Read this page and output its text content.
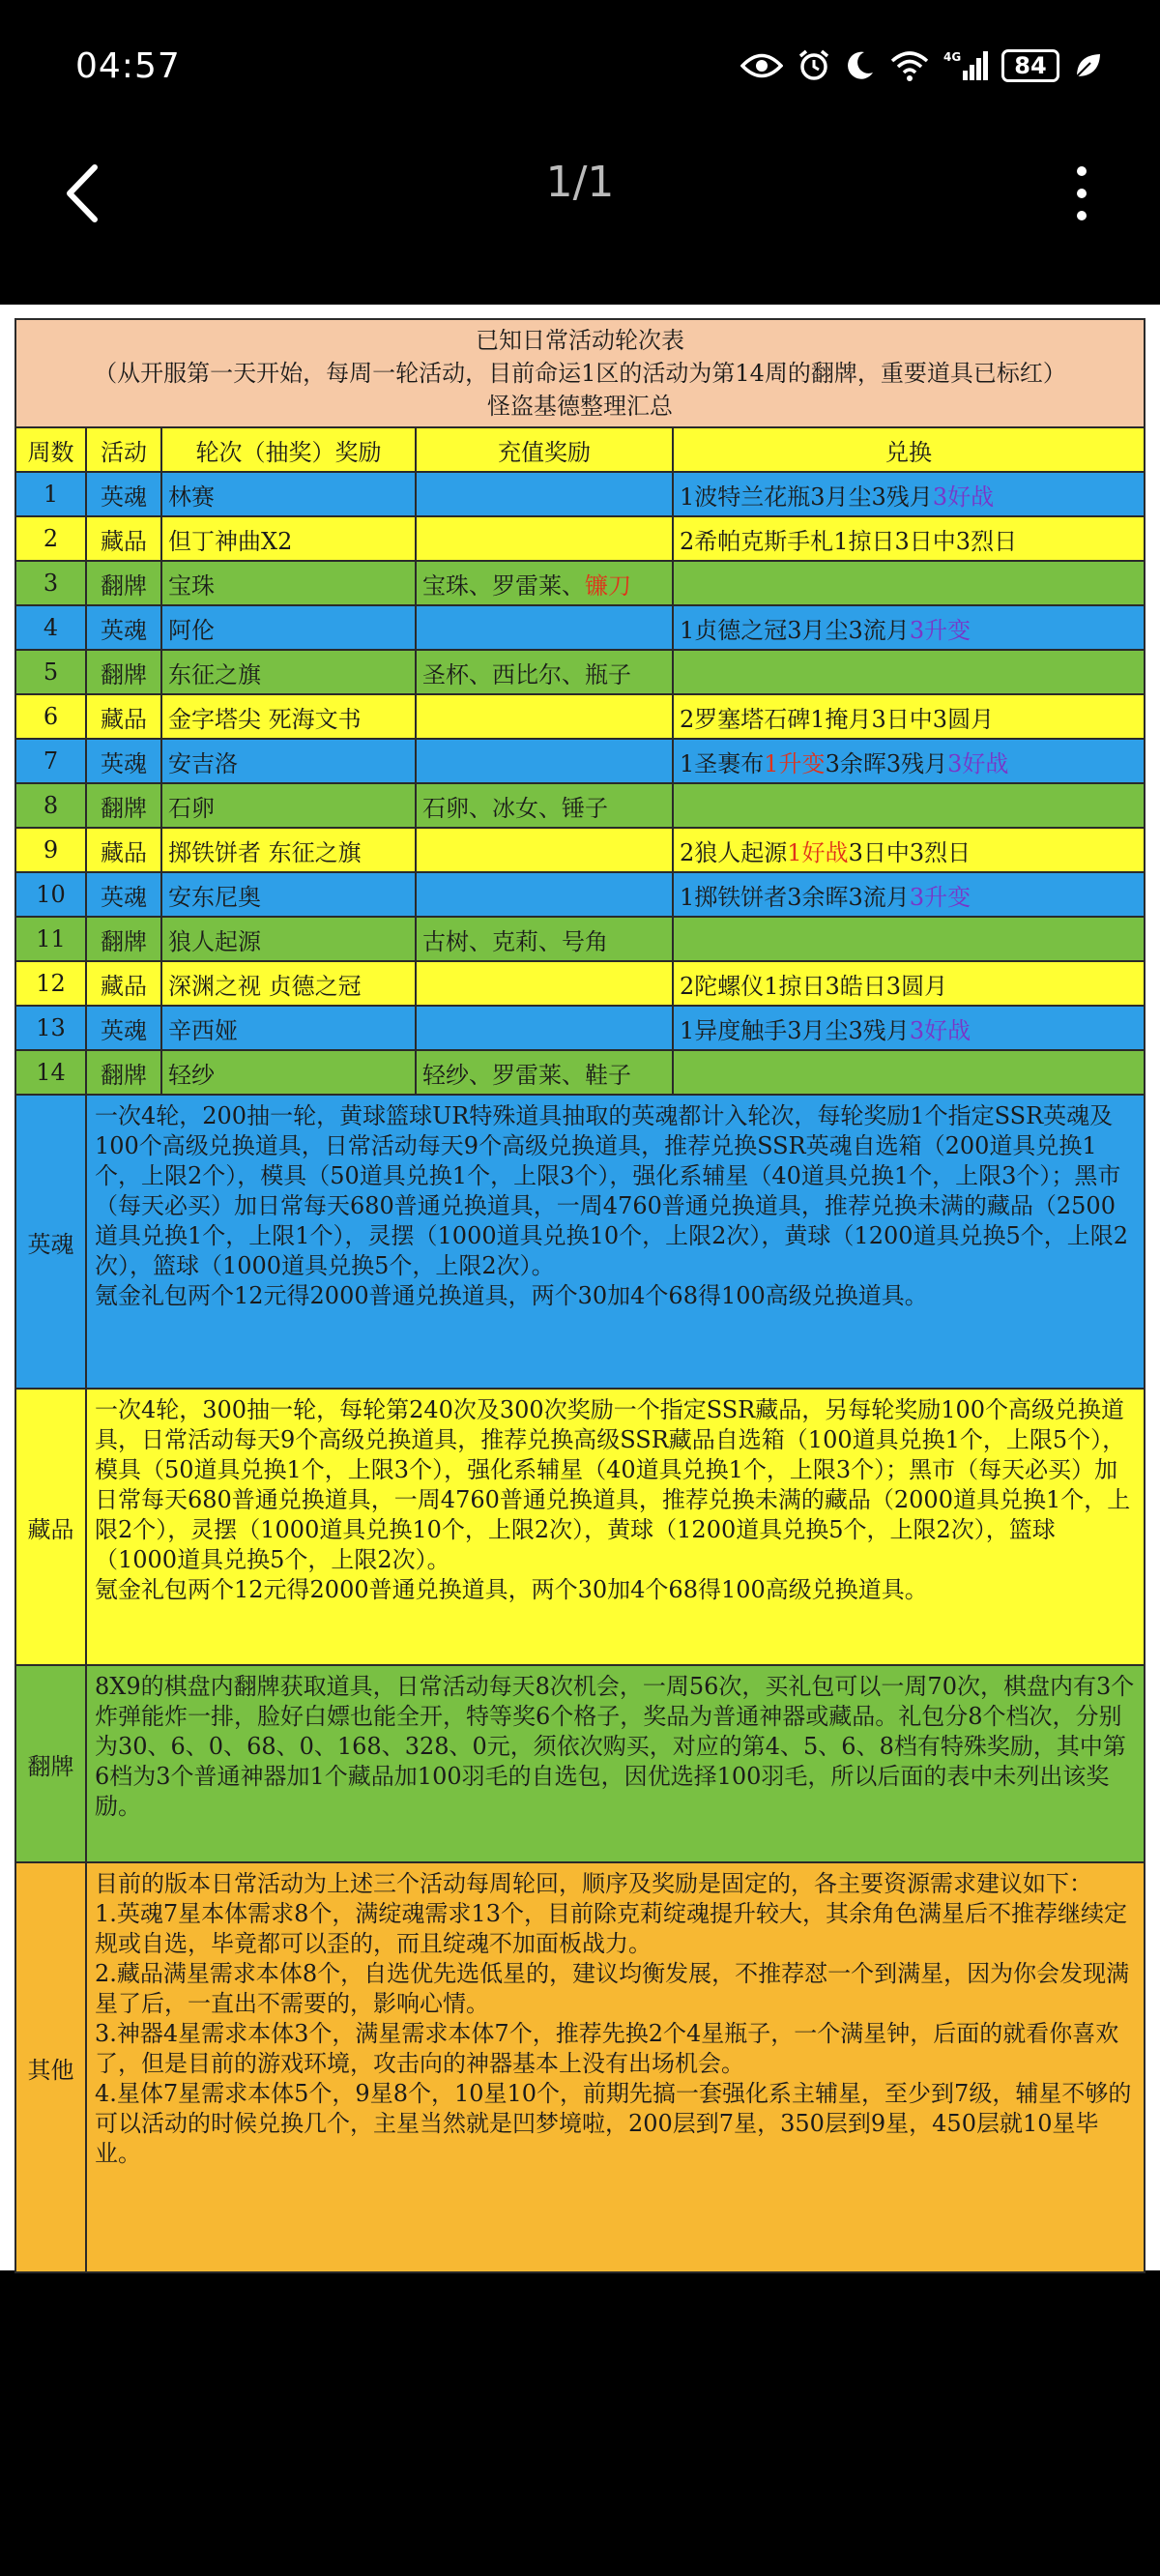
04:57	4G	84
1/1
已知日常活动轮次表
（从开服第一天开始，每周一轮活动，目前命运1区的活动为第14周的翻牌，重要道具已标红）
怪盗基德整理汇总				

周数	活动	轮次（抽奖）奖励	充值奖励	兑换
1	英魂	林赛		1波特兰花瓶3月尘3残月3好战
2	藏品	但丁神曲X2		2希帕克斯手札1掠日3日中3烈日
3	翻牌	宝珠	宝珠、罗雷莱、镰刀	
4	英魂	阿伦		1贞德之冠3月尘3流月3升变
5	翻牌	东征之旗	圣杯、西比尔、瓶子	
6	藏品	金字塔尖 死海文书		2罗塞塔石碑1掩月3日中3圆月
7	英魂	安吉洛		1圣裹布1升变3余晖3残月3好战
8	翻牌	石卵	石卵、冰女、锤子	
9	藏品	掷铁饼者 东征之旗		2狼人起源1好战3日中3烈日
10	英魂	安东尼奥		1掷铁饼者3余晖3流月3升变
11	翻牌	狼人起源	古树、克莉、号角	
12	藏品	深渊之视 贞德之冠		2陀螺仪1掠日3皓日3圆月
13	英魂	辛西娅		1异度触手3月尘3残月3好战
14	翻牌	轻纱	轻纱、罗雷莱、鞋子	
英魂	一次4轮，200抽一轮，黄球篮球UR特殊道具抽取的英魂都计入轮次，每轮奖励1个指定SSR英魂及100个高级兑换道具，日常活动每天9个高级兑换道具，推荐兑换SSR英魂自选箱（200道具兑换1个，上限2个），模具（50道具兑换1个，上限3个），强化系辅星（40道具兑换1个，上限3个）；黑市（每天必买）加日常每天680普通兑换道具，一周4760普通兑换道具，推荐兑换未满的藏品（2500道具兑换1个，上限1个），灵摆（1000道具兑换10个，上限2次），黄球（1200道具兑换5个，上限2次），篮球（1000道具兑换5个，上限2次）。

氪金礼包两个12元得2000普通兑换道具，两个30加4个68得100高级兑换道具。			

藏品	一次4轮，300抽一轮，每轮第240次及300次奖励一个指定SSR藏品，另每轮奖励100个高级兑换道具，日常活动每天9个高级兑换道具，推荐兑换高级SSR藏品自选箱（100道具兑换1个，上限5个），模具（50道具兑换1个，上限3个），强化系辅星（40道具兑换1个，上限3个）；黑市（每天必买）加日常每天680普通兑换道具，一周4760普通兑换道具，推荐兑换未满的藏品（2000道具兑换1个，上限2个），灵摆（1000道具兑换10个，上限2次），黄球（1200道具兑换5个，上限2次），篮球（1000道具兑换5个，上限2次）。

氪金礼包两个12元得2000普通兑换道具，两个30加4个68得100高级兑换道具。			

翻牌	8X9的棋盘内翻牌获取道具，日常活动每天8次机会，一周56次，买礼包可以一周70次，棋盘内有3个炸弹能炸一排，脸好白嫖也能全开，特等奖6个格子，奖品为普通神器或藏品。礼包分8个档次，分别为30、6、0、68、0、168、328、0元，须依次购买，对应的第4、5、6、8档有特殊奖励，其中第6档为3个普通神器加1个藏品加100羽毛的自选包，因优选择100羽毛，所以后面的表中未列出该奖励。			

其他	目前的版本日常活动为上述三个活动每周轮回，顺序及奖励是固定的，各主要资源需求建议如下：

1.英魂7星本体需求8个，满绽魂需求13个，目前除克莉绽魂提升较大，其余角色满星后不推荐继续定规或自选，毕竟都可以歪的，而且绽魂不加面板战力。

2.藏品满星需求本体8个，自选优先选低星的，建议均衡发展，不推荐怼一个到满星，因为你会发现满星了后，一直出不需要的，影响心情。

3.神器4星需求本体3个，满星需求本体7个，推荐先换2个4星瓶子，一个满星钟，后面的就看你喜欢了，但是目前的游戏环境，攻击向的神器基本上没有出场机会。

4.星体7星需求本体5个，9星8个，10星10个，前期先搞一套强化系主辅星，至少到7级，辅星不够的可以活动的时候兑换几个，主星当然就是凹梦境啦，200层到7星，350层到9星，450层就10星毕业。			
